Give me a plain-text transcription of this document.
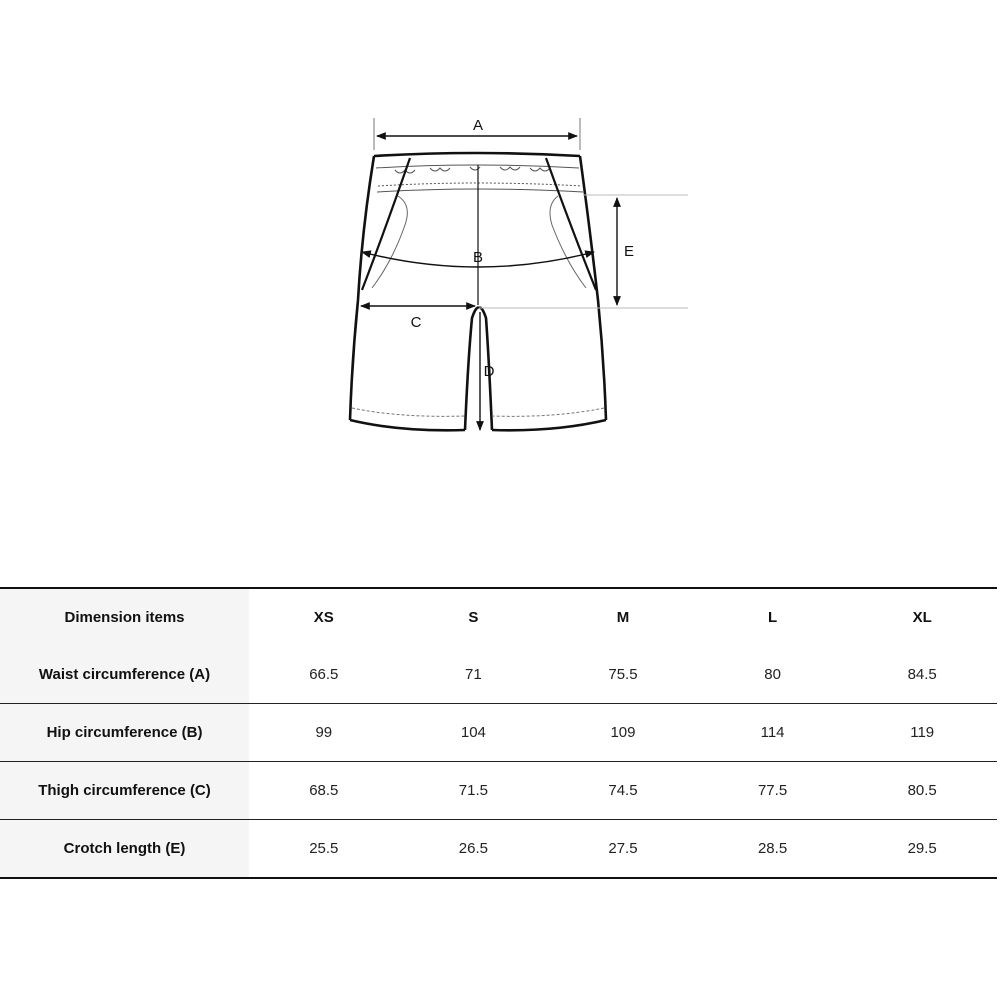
A
B
C
D
E
Dimension items	XS	S	M	L	XL
Waist circumference (A)	66.5	71	75.5	80	84.5
Hip circumference (B)	99	104	109	114	119
Thigh circumference (C)	68.5	71.5	74.5	77.5	80.5
Crotch length (E)	25.5	26.5	27.5	28.5	29.5
